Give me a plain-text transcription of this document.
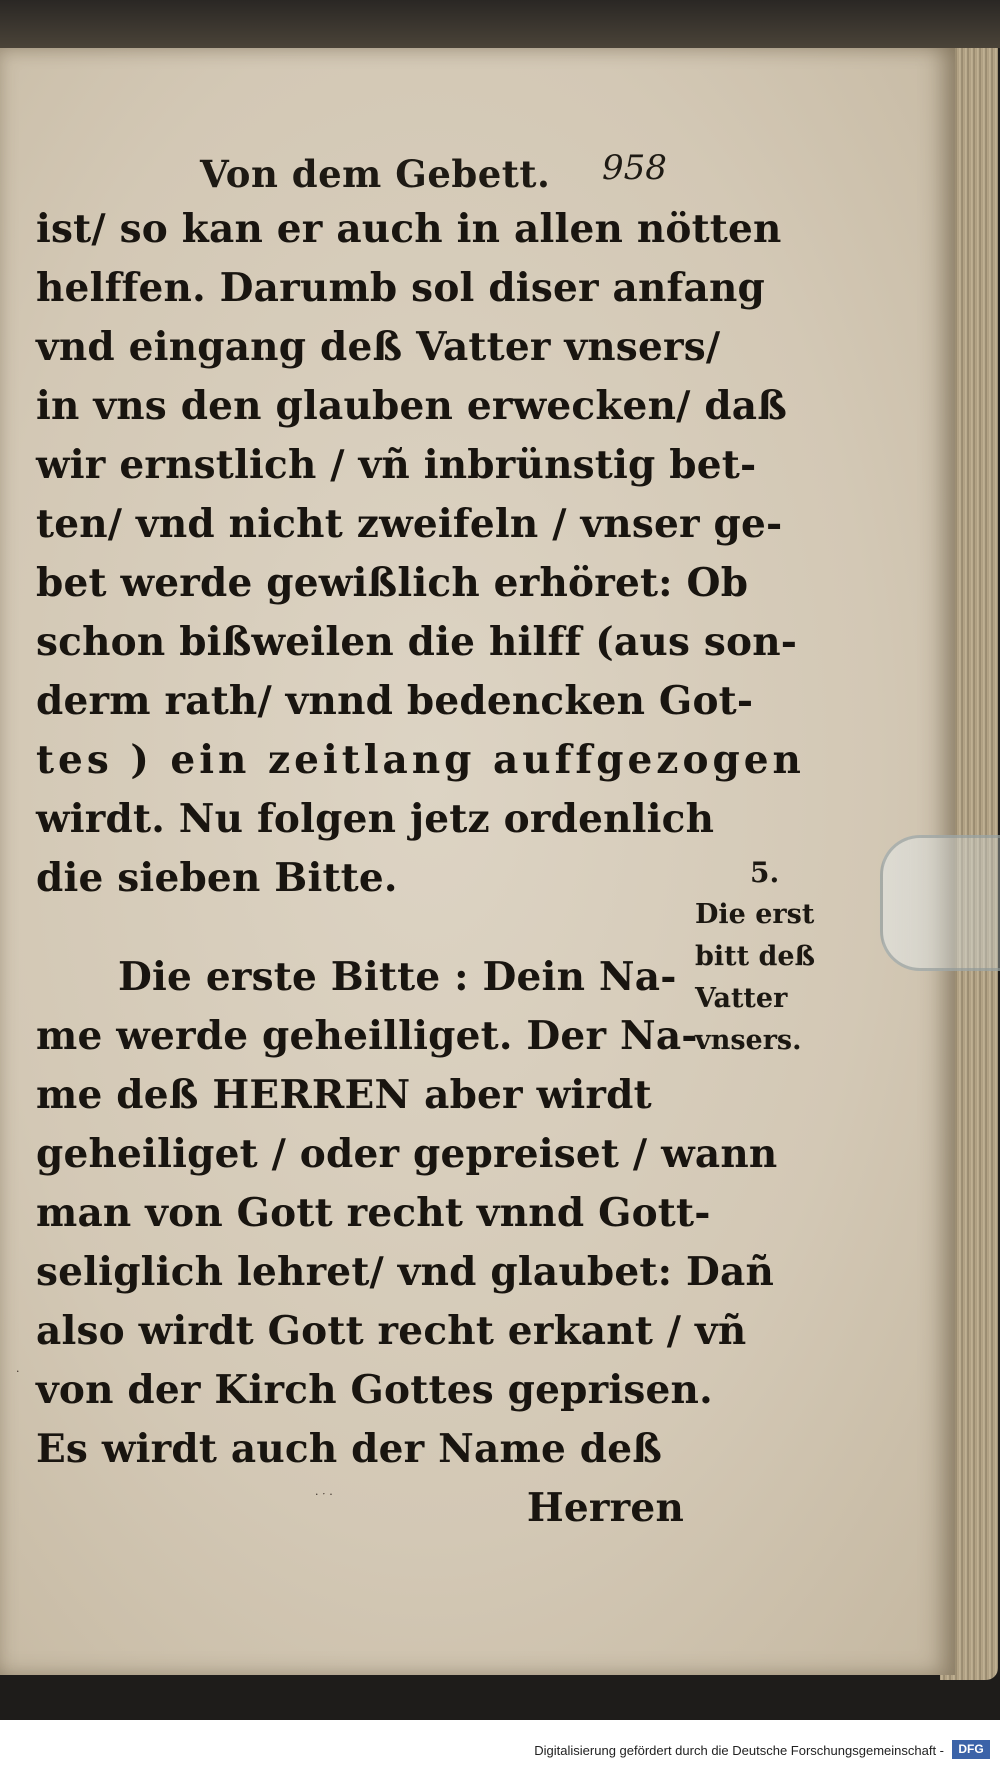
Von dem Gebett. 958
ist/ so kan er auch in allen nötten
helffen. Darumb sol diser anfang
vnd eingang deß Vatter vnsers/
in vns den glauben erwecken/ daß
wir ernstlich / vñ inbrünstig bet-
ten/ vnd nicht zweifeln / vnser ge-
bet werde gewißlich erhöret: Ob
schon bißweilen die hilff (aus son-
derm rath/ vnnd bedencken Got-
tes ) ein zeitlang auffgezogen
wirdt. Nu folgen jetz ordenlich
die sieben Bitte.
Die erste Bitte : Dein Na-
me werde geheilliget. Der Na-
me deß HERREN aber wirdt
geheiliget / oder gepreiset / wann
man von Gott recht vnnd Gott-
seliglich lehret/ vnd glaubet: Dañ
also wirdt Gott recht erkant / vñ
von der Kirch Gottes geprisen.
Es wirdt auch der Name deß
Herren
5.
Die erst
bitt deß
Vatter
vnsers.
· ˑ ·
·
Digitalisierung gefördert durch die Deutsche Forschungsgemeinschaft -	DFG
